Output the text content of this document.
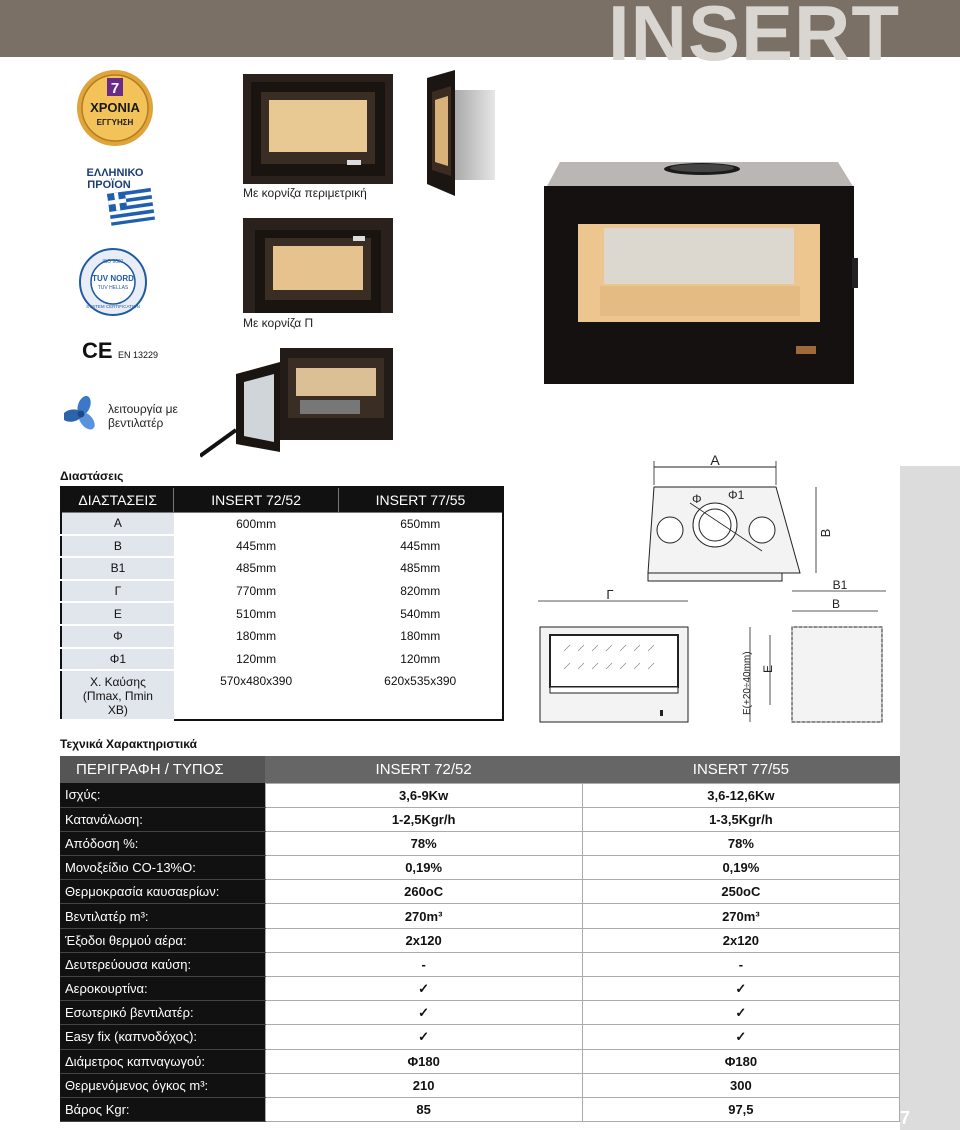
INSERT
7
ΧΡΟΝΙΑ
ΕΓΓΥΗΣΗ
ΕΛΛΗΝΙΚΟ
ΠΡΟΪΟΝ
ISO 9001
TUV NORD
TUV HELLAS
SYSTEM CERTIFICATION
CE EN 13229
λειτουργία με βεντιλατέρ
Με κορνίζα περιμετρική
Με κορνίζα Π
A
Φ Φ1
B
Γ
E(+20÷40mm) E
B1
B
Διαστάσεις
ΔΙΑΣΤΑΣΕΙΣ	INSERT 72/52	INSERT 77/55
A	600mm	650mm
B	445mm	445mm
B1	485mm	485mm
Γ	770mm	820mm
E	510mm	540mm
Φ	180mm	180mm
Φ1	120mm	120mm

Χ. Καύσης
(Πmax, Πmin
XB)	570x480x390	620x535x390
Τεχνικά Χαρακτηριστικά
ΠΕΡΙΓΡΑΦΗ / ΤΥΠΟΣ	INSERT 72/52	INSERT 77/55
Ισχύς:	3,6-9Kw	3,6-12,6Kw
Κατανάλωση:	1-2,5Kgr/h	1-3,5Kgr/h
Απόδοση %:	78%	78%
Μονοξείδιο CO-13%O:	0,19%	0,19%
Θερμοκρασία καυσαερίων:	260oC	250oC
Βεντιλατέρ m³:	270m³	270m³
Έξοδοι θερμού αέρα:	2x120	2x120
Δευτερεύουσα καύση:	-	-
Αεροκουρτίνα:	✓	✓
Εσωτερικό βεντιλατέρ:	✓	✓
Easy fix (καπνοδόχος):	✓	✓
Διάμετρος καπναγωγού:	Φ180	Φ180
Θερμενόμενος όγκος m³:	210	300
Βάρος Kgr:	85	97,5	7
